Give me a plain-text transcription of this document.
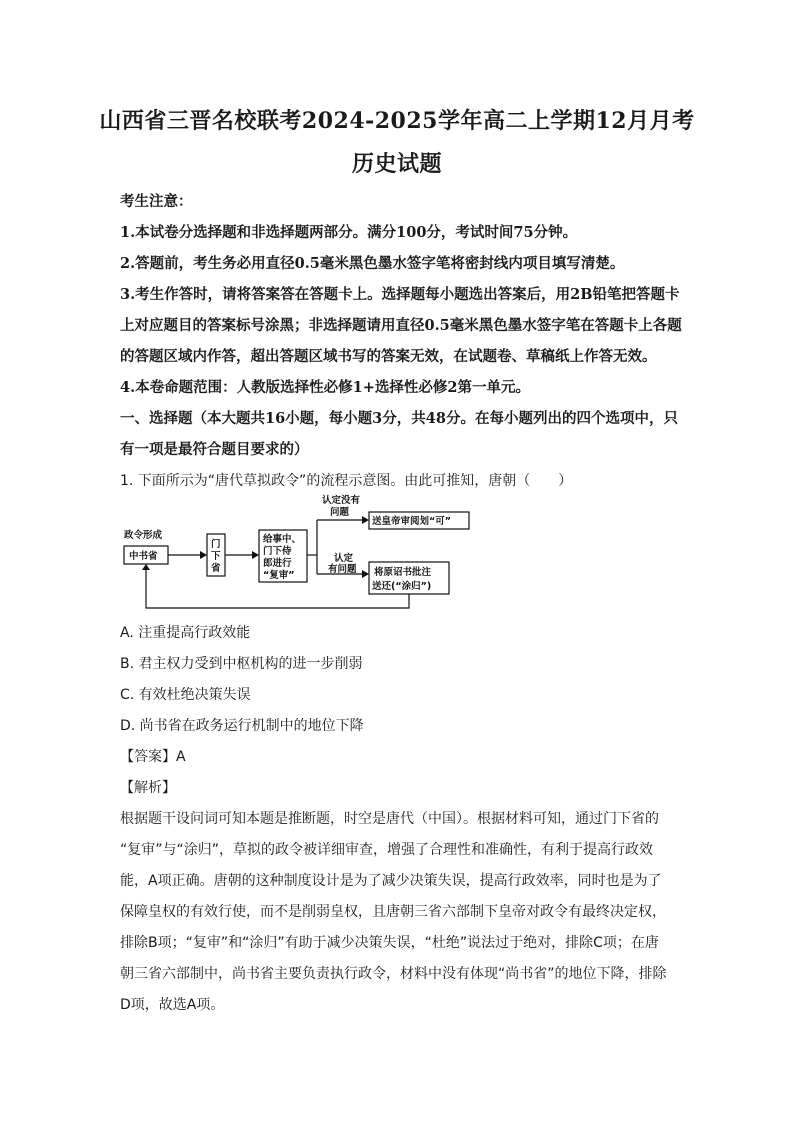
山西省三晋名校联考2024-2025学年高二上学期12月月考
历史试题
考生注意：
1.本试卷分选择题和非选择题两部分。满分100分，考试时间75分钟。
2.答题前，考生务必用直径0.5毫米黑色墨水签字笔将密封线内项目填写清楚。
3.考生作答时，请将答案答在答题卡上。选择题每小题选出答案后，用2B铅笔把答题卡
上对应题目的答案标号涂黑；非选择题请用直径0.5毫米黑色墨水签字笔在答题卡上各题
的答题区域内作答，超出答题区域书写的答案无效，在试题卷、草稿纸上作答无效。
4.本卷命题范围：人教版选择性必修1+选择性必修2第一单元。
一、选择题（本大题共16小题，每小题3分，共48分。在每小题列出的四个选项中，只
有一项是最符合题目要求的）
1. 下面所示为“唐代草拟政令”的流程示意图。由此可推知，唐朝（　　）
政令形成
中书省
门
下
省
给事中、
门下侍
郎进行
“复审”
认定没有
问题
认定
有问题
送皇帝审阅划“可”
将原诏书批注
送还(“涂归”)
A. 注重提高行政效能
B. 君主权力受到中枢机构的进一步削弱
C. 有效杜绝决策失误
D. 尚书省在政务运行机制中的地位下降
【答案】A
【解析】
根据题干设问词可知本题是推断题，时空是唐代（中国）。根据材料可知，通过门下省的
“复审”与“涂归”，草拟的政令被详细审查，增强了合理性和准确性，有利于提高行政效
能，A项正确。唐朝的这种制度设计是为了减少决策失误，提高行政效率，同时也是为了
保障皇权的有效行使，而不是削弱皇权，且唐朝三省六部制下皇帝对政令有最终决定权，
排除B项；“复审”和“涂归”有助于减少决策失误，“杜绝”说法过于绝对，排除C项；在唐
朝三省六部制中，尚书省主要负责执行政令，材料中没有体现“尚书省”的地位下降，排除
D项，故选A项。
